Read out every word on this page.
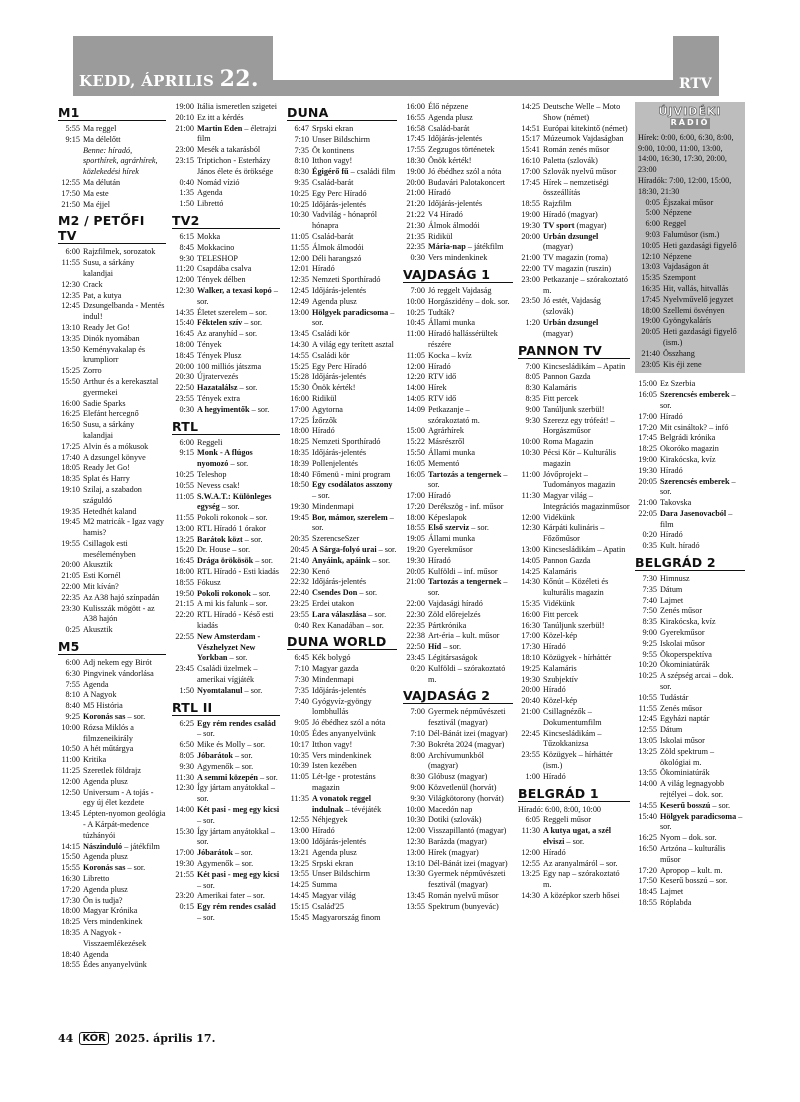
KEDD, ÁPRILIS 22.	RTV
M1
5:55 Ma reggel
9:15 Ma délelőtt
Benne: híradó, sporthírek, agrárhírek, közlekedési hírek
12:55 Ma délután
17:50 Ma este
21:50 Ma éjjel
M2 / PETŐFI TV
6:00 Rajzfilmek, sorozatok
11:55 Susu, a sárkány kalandjai
12:30 Crack
12:35 Pat, a kutya
12:45 Dzsungelbanda - Mentés indul!
13:10 Ready Jet Go!
13:35 Dinók nyomában
13:50 Keményvakalap és krumpliorr
15:25 Zorro
15:50 Arthur és a kerekasztal gyermekei
16:00 Sadie Sparks
16:25 Elefánt hercegnő
16:50 Susu, a sárkány kalandjai
17:25 Alvin és a mókusok
17:40 A dzsungel könyve
18:05 Ready Jet Go!
18:35 Splat és Harry
19:10 Szilaj, a szabadon száguldó
19:35 Hetedhét kaland
19:45 M2 matricák - Igaz vagy hamis?
19:55 Csillagok esti meséleményben
20:00 Akusztik
21:05 Esti Kornél
22:00 Mit kíván?
22:35 Az A38 hajó színpadán
23:30 Kulisszák mögött - az A38 hajón
0:25 Akusztik
M5
6:00 Adj nekem egy Birót
6:30 Pingvinek vándorlása
7:55 Agenda
8:10 A Nagyok
8:40 M5 História
9:25 Koronás sas – sor.
10:00 Rózsa Miklós a filmzeneikirály
10:50 A hét műtárgya
11:00 Kritika
11:25 Szeretlek földrajz
12:00 Agenda plusz
12:50 Universum - A tojás - egy új élet kezdete
13:45 Lépten-nyomon geológia - A Kárpát-medence túzhányói
14:15 Nászinduló – játékfilm
15:50 Agenda plusz
15:55 Koronás sas – sor.
16:30 Libretto
17:20 Agenda plusz
17:30 Ön is tudja?
18:00 Magyar Krónika
18:25 Vers mindenkinek
18:35 A Nagyok - Visszaemlékezések
18:40 Agenda
18:55 Édes anyanyelvünk
19:00 Itália ismeretlen szigetei
20:10 Ez itt a kérdés
21:00 Martin Eden – életrajzi film
23:00 Mesék a takarásból
23:15 Triptichon - Esterházy János élete és öröksége
0:40 Nomád vízió
1:35 Agenda
1:50 Librettó
TV2
6:15 Mokka
8:45 Mokkacino
9:30 TELESHOP
11:20 Csapdába csalva
12:00 Tények délben
12:30 Walker, a texasi kopó – sor.
14:35 Életet szerelem – sor.
15:40 Féktelen szív – sor.
16:45 Az aranyhíd – sor.
18:00 Tények
18:45 Tények Plusz
20:00 100 milliós játszma
20:30 Újratervezés
22:50 Hazatalálsz – sor.
23:55 Tények extra
0:30 A hegyimentők – sor.
RTL
6:00 Reggeli
9:15 Monk - A flúgos nyomozó – sor.
10:25 Teleshop
10:55 Nevess csak!
11:05 S.W.A.T.: Különleges egység – sor.
11:55 Pokoli rokonok – sor.
13:00 RTL Híradó 1 órakor
13:25 Barátok közt – sor.
15:20 Dr. House – sor.
16:45 Drága örökösök – sor.
18:00 RTL Híradó - Esti kiadás
18:55 Fókusz
19:50 Pokoli rokonok – sor.
21:15 A mi kis falunk – sor.
22:20 RTL Híradó - Késő esti kiadás
22:55 New Amsterdam - Vészhelyzet New Yorkban – sor.
23:45 Családi üzelmek – amerikai vígjáték
1:50 Nyomtalanul – sor.
RTL II
6:25 Egy rém rendes család – sor.
6:50 Mike és Molly – sor.
8:05 Jóbarátok – sor.
9:30 Agymenők – sor.
11:30 A semmi közepén – sor.
12:30 Így jártam anyátokkal – sor.
14:00 Két pasi - meg egy kicsi – sor.
15:30 Így jártam anyátokkal – sor.
17:00 Jóbarátok – sor.
19:30 Agymenők – sor.
21:55 Két pasi - meg egy kicsi – sor.
23:20 Amerikai fater – sor.
0:15 Egy rém rendes család – sor.
DUNA
6:47 Srpski ekran
7:10 Unser Bildschirm
7:35 Öt kontinens
8:10 Itthon vagy!
8:30 Égigérő fű – családi film
9:35 Család-barát
10:25 Egy Perc Híradó
10:25 Időjárás-jelentés
10:30 Vadvilág - hónapról hónapra
11:05 Család-barát
11:55 Álmok álmodói
12:00 Déli harangszó
12:01 Híradó
12:35 Nemzeti Sporthíradó
12:45 Időjárás-jelentés
12:49 Agenda plusz
13:00 Hölgyek paradicsoma – sor.
13:45 Családi kör
14:30 A világ egy terített asztal
14:55 Családi kör
15:25 Egy Perc Híradó
15:28 Időjárás-jelentés
15:30 Önök kérték!
16:00 Ridikül
17:00 Agytorna
17:25 Ízőrzők
18:00 Híradó
18:25 Nemzeti Sporthíradó
18:35 Időjárás-jelentés
18:39 Pollenjelentés
18:40 Főmenü - mini program
18:50 Egy csodálatos asszony – sor.
19:30 Mindenmapi
19:45 Bor, mámor, szerelem – sor.
20:35 SzerencseSzer
20:45 A Sárga-folyó urai – sor.
21:40 Anyáink, apáink – sor.
22:30 Kenó
22:32 Időjárás-jelentés
22:40 Csendes Don – sor.
23:25 Erdei utakon
23:55 Lara válaszlása – sor.
0:40 Rex Kanadában – sor.
DUNA WORLD
6:45 Kék bolygó
7:10 Magyar gazda
7:30 Mindenmapi
7:35 Időjárás-jelentés
7:40 Gyógyvíz-gyöngy lombhullás
9:05 Jó ébédhez szól a nóta
10:05 Édes anyanyelvünk
10:17 Itthon vagy!
10:35 Vers mindenkinek
10:39 Isten kezében
11:05 Lét-lge - protestáns magazin
11:35 A vonatok reggel indulnak – tévéjáték
12:55 Néhjegyek
13:00 Híradó
13:00 Időjárás-jelentés
13:21 Agenda plusz
13:25 Srpski ekran
13:55 Unser Bildschirm
14:25 Summa
14:45 Magyar világ
15:15 Család'25
15:45 Magyarország finom
16:00 Élő népzene
16:55 Agenda plusz
16:58 Család-barát
17:45 Időjárás-jelentés
17:55 Zegzugos történetek
18:30 Önök kérték!
19:00 Jó ébédhez szól a nóta
20:00 Budavári Palotakoncert
21:00 Híradó
21:20 Időjárás-jelentés
21:22 V4 Híradó
21:30 Álmok álmodói
21:35 Ridikül
22:35 Mária-nap – játékfilm
0:30 Vers mindenkinek
VAJDASÁG 1
7:00 Jó reggelt Vajdaság
10:00 Horgászidény – dok. sor.
10:25 Tudták?
10:45 Állami munka
11:00 Híradó hallássérültek részére
11:05 Kocka – kvíz
12:00 Híradó
12:20 RTV idő
14:00 Hírek
14:05 RTV idő
14:09 Petkazanje – szórakoztató m.
15:00 Agrárhírek
15:22 Másrészről
15:50 Állami munka
16:05 Mementó
16:05 Tartozás a tengernek – sor.
17:00 Híradó
17:20 Derékszög - inf. műsor
18:00 Képeslapok
18:55 Első szerviz – sor.
19:05 Állami munka
19:20 Gyerekműsor
19:30 Híradó
20:05 Kulföldi – inf. műsor
21:00 Tartozás a tengernek – sor.
22:00 Vajdasági híradó
22:30 Zöld előrejelzés
22:35 Pártkrónika
22:38 Art-éria – kult. műsor
22:50 Híd – sor.
23:45 Légitársaságok
0:20 Kulföldi – szórakoztató m.
VAJDASÁG 2
7:00 Gyermek népművészeti fesztivál (magyar)
7:10 Dél-Bánát izei (magyar)
7:30 Bokréta 2024 (magyar)
8:00 Archívumunkból (magyar)
8:30 Glóbusz (magyar)
9:00 Közvetlenül (horvát)
9:30 Világkötorony (horvát)
10:00 Macedón nap
10:30 Dotiki (szlovák)
12:00 Visszapillantó (magyar)
12:30 Barázda (magyar)
13:00 Hírek (magyar)
13:10 Dél-Bánát izei (magyar)
13:30 Gyermek népművészeti fesztivál (magyar)
13:45 Román nyelvű műsor
13:55 Spektrum (bunyevác)
14:25 Deutsche Welle – Moto Show (német)
14:51 Európai kitekintő (német)
15:17 Múzeumok Vajdaságban
15:41 Román zenés műsor
16:10 Paletta (szlovák)
17:00 Szlovák nyelvű műsor
17:45 Hírek – nemzetiségi összeállítás
18:55 Rajzfilm
19:00 Híradó (magyar)
19:30 TV sport (magyar)
20:00 Urbán dzsungel (magyar)
21:00 TV magazin (roma)
22:00 TV magazin (ruszin)
23:00 Petkazanje – szórakoztató m.
23:50 Jó estét, Vajdaság (szlovák)
1:20 Urbán dzsungel (magyar)
PANNON TV
7:00 Kincsesládikám – Apatin
8:05 Pannon Gazda
8:30 Kalamáris
8:35 Fitt percek
9:00 Tanúljunk szerbül!
9:30 Szerezz egy trófeát! – Horgászműsor
10:00 Roma Magazin
10:30 Pécsi Kör – Kulturális magazin
11:00 Jóvőprojekt – Tudományos magazin
11:30 Magyar világ – Integrációs magazinműsor
12:00 Vidékünk
12:30 Kárpáti kulináris – Főzőműsor
13:00 Kincsesládikám – Apatin
14:05 Pannon Gazda
14:25 Kalamáris
14:30 Kőnút – Közéleti és kulturális magazin
15:35 Vidékünk
16:00 Fitt percek
16:30 Tanúljunk szerbül!
17:00 Közel-kép
17:30 Híradó
18:10 Közügyek - hírháttér
19:25 Kalamáris
19:30 Szubjektív
20:00 Híradó
20:40 Közel-kép
21:00 Csillagnézők – Dokumentumfilm
22:45 Kincsesládikám – Tűzokkanizsa
23:55 Közügyek – hírháttér (ism.)
1:00 Híradó
BELGRÁD 1
Híradó: 6:00, 8:00, 10:00
6:05 Reggeli műsor
11:30 A kutya ugat, a szél elviszi – sor.
12:00 Híradó
12:55 Az aranyalmáról – sor.
13:25 Egy nap – szórakoztató m.
14:30 A középkor szerb hősei
ÚJVIDÉKI
RÁDIÓ
Hírek: 0:00, 6:00, 6:30, 8:00, 9:00, 10:00, 11:00, 13:00, 14:00, 16:30, 17:30, 20:00, 23:00
Híradók: 7:00, 12:00, 15:00, 18:30, 21:30
0:05 Éjszakai műsor
5:00 Népzene
6:00 Reggel
9:03 Falumüsor (ism.)
10:05 Heti gazdasági figyelő
12:10 Népzene
13:03 Vajdaságon át
15:35 Szempont
16:35 Hit, vallás, hitvallás
17:45 Nyelvművelő jegyzet
18:00 Szellemi ösvényen
19:00 Gyöngykalárís
20:05 Heti gazdasági figyelő (ism.)
21:40 Összhang
23:05 Kis éji zene
15:00 Ez Szerbia
16:05 Szerencsés emberek – sor.
17:00 Híradó
17:20 Mit csináltok? – infó
17:45 Belgrádi krónika
18:25 Okoróko magazin
19:00 Kirakócska, kvíz
19:30 Híradó
20:05 Szerencsés emberek – sor.
21:00 Takovska
22:05 Dara Jasenovacból – film
0:20 Híradó
0:35 Kult. híradó
BELGRÁD 2
7:30 Himnusz
7:35 Dátum
7:40 Lajmet
7:50 Zenés műsor
8:35 Kirakócska, kvíz
9:00 Gyerekműsor
9:25 Iskolai műsor
9:55 Ökoperspektíva
10:20 Ökominiatúrák
10:25 A szépség arcai – dok. sor.
10:55 Tudástár
11:55 Zenés műsor
12:45 Egyházi naptár
12:55 Dátum
13:05 Iskolai műsor
13:25 Zöld spektrum – ökológiai m.
13:55 Ökominiatúrák
14:00 A világ legnagyobb rejtélyei – dok. sor.
14:55 Keserű bosszú – sor.
15:40 Hölgyek paradicsoma – sor.
16:25 Nyom – dok. sor.
16:50 Artzóna – kulturális műsor
17:20 Apropop – kult. m.
17:50 Keserű bosszú – sor.
18:45 Lajmet
18:55 Róplabda
44 KÓR 2025. április 17.
